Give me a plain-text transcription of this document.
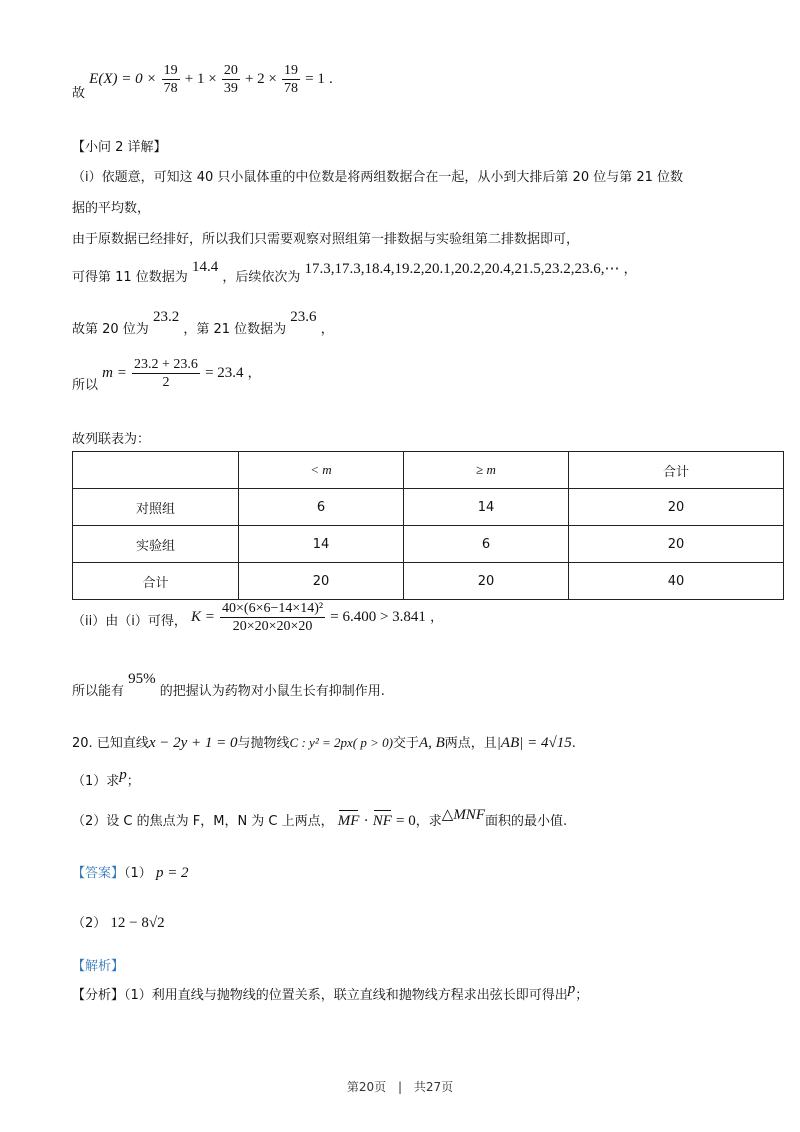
故 $E(X) = 0 \times \frac{19}{78} + 1 \times \frac{20}{39} + 2 \times \frac{19}{78} = 1$ .
【小问 2 详解】
（i）依题意，可知这 40 只小鼠体重的中位数是将两组数据合在一起，从小到大排后第 20 位与第 21 位数
据的平均数，
由于原数据已经排好，所以我们只需要观察对照组第一排数据与实验组第二排数据即可，
可得第 11 位数据为 14.4 ，后续依次为 17.3,17.3,18.4,19.2,20.1,20.2,20.4,21.5,23.2,23.6,⋯ ，
故第 20 位为 23.2 ，第 21 位数据为 23.6 ，
所以 $m = \frac{23.2 + 23.6}{2} = 23.4$ ，
故列联表为：
	< m	≥ m	合计
对照组	6	14	20
实验组	14	6	20
合计	20	20	40
（ii）由（i）可得， $K = \frac{\text{40×(6×6−14×14)²}}{20\times 20\times 20\times 20} = 6.400 > 3.841$ ，
所以能有 95% 的把握认为药物对小鼠生长有抑制作用.
20. 已知直线x − 2y + 1 = 0与抛物线C : y² = 2px( p > 0)交于A, B两点，且|AB| = 4√15.
（1）求p；
（2）设 C 的焦点为 F，M，N 为 C 上两点， MF · NF = 0，求△MNF面积的最小值.
【答案】（1） p = 2
（2） 12 − 8√2
【解析】
【分析】（1）利用直线与抛物线的位置关系，联立直线和抛物线方程求出弦长即可得出p；
第20页 | 共27页
